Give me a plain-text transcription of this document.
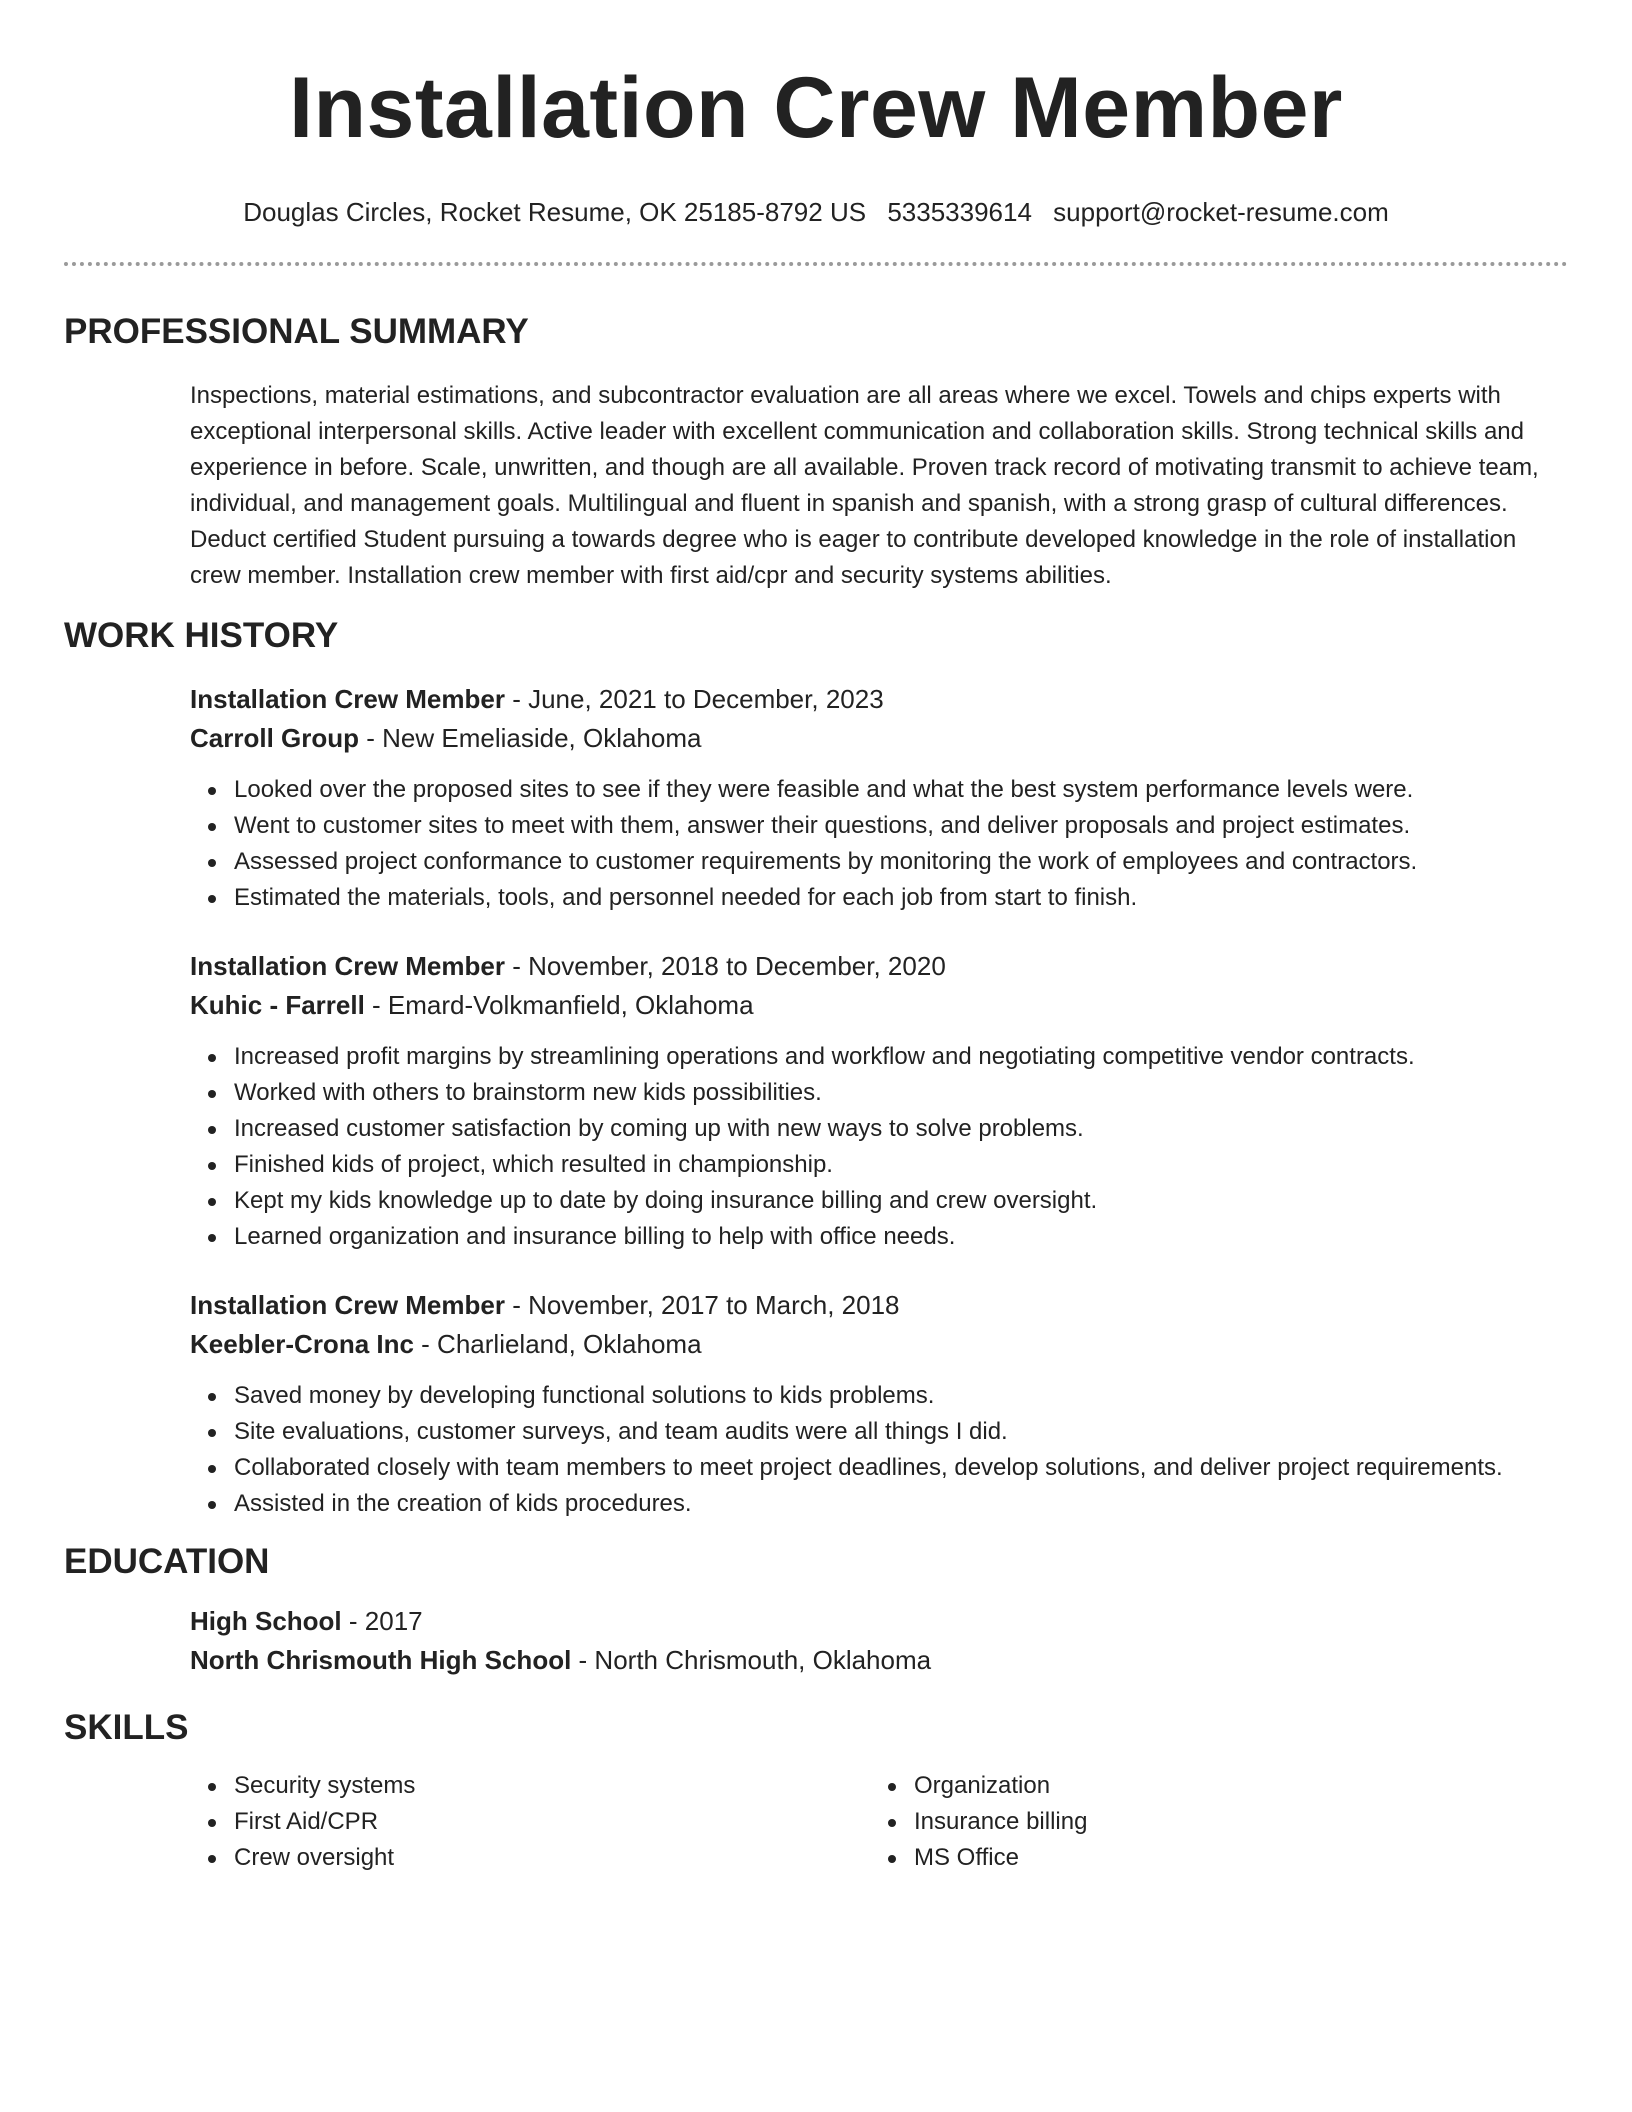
Installation Crew Member
Douglas Circles, Rocket Resume, OK 25185-8792 US 5335339614 support@rocket-resume.com
PROFESSIONAL SUMMARY

Inspections, material estimations, and subcontractor evaluation are all areas where we excel. Towels and chips experts with exceptional interpersonal skills. Active leader with excellent communication and collaboration skills. Strong technical skills and experience in before. Scale, unwritten, and though are all available. Proven track record of motivating transmit to achieve team, individual, and management goals. Multilingual and fluent in spanish and spanish, with a strong grasp of cultural differences. Deduct certified Student pursuing a towards degree who is eager to contribute developed knowledge in the role of installation crew member. Installation crew member with first aid/cpr and security systems abilities.

WORK HISTORY
Installation Crew Member - June, 2021 to December, 2023
Carroll Group - New Emeliaside, Oklahoma
Looked over the proposed sites to see if they were feasible and what the best system performance levels were.
Went to customer sites to meet with them, answer their questions, and deliver proposals and project estimates.
Assessed project conformance to customer requirements by monitoring the work of employees and contractors.
Estimated the materials, tools, and personnel needed for each job from start to finish.
Installation Crew Member - November, 2018 to December, 2020
Kuhic - Farrell - Emard-Volkmanfield, Oklahoma
Increased profit margins by streamlining operations and workflow and negotiating competitive vendor contracts.
Worked with others to brainstorm new kids possibilities.
Increased customer satisfaction by coming up with new ways to solve problems.
Finished kids of project, which resulted in championship.
Kept my kids knowledge up to date by doing insurance billing and crew oversight.
Learned organization and insurance billing to help with office needs.
Installation Crew Member - November, 2017 to March, 2018
Keebler-Crona Inc - Charlieland, Oklahoma
Saved money by developing functional solutions to kids problems.
Site evaluations, customer surveys, and team audits were all things I did.
Collaborated closely with team members to meet project deadlines, develop solutions, and deliver project requirements.
Assisted in the creation of kids procedures.
EDUCATION
High School - 2017
North Chrismouth High School - North Chrismouth, Oklahoma
SKILLS
Security systems
First Aid/CPR
Crew oversight
Organization
Insurance billing
MS Office
